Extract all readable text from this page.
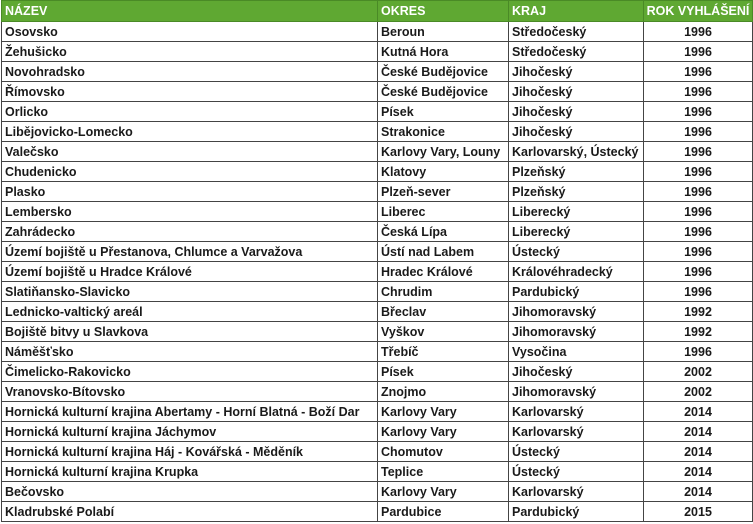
NÁZEV	OKRES	KRAJ	ROK VYHLÁŠENÍ
Osovsko	Beroun	Středočeský	1996
Žehušicko	Kutná Hora	Středočeský	1996
Novohradsko	České Budějovice	Jihočeský	1996
Římovsko	České Budějovice	Jihočeský	1996
Orlicko	Písek	Jihočeský	1996
Libějovicko-Lomecko	Strakonice	Jihočeský	1996
Valečsko	Karlovy Vary, Louny	Karlovarský, Ústecký	1996
Chudenicko	Klatovy	Plzeňský	1996
Plasko	Plzeň-sever	Plzeňský	1996
Lembersko	Liberec	Liberecký	1996
Zahrádecko	Česká Lípa	Liberecký	1996
Území bojiště u Přestanova, Chlumce a Varvažova	Ústí nad Labem	Ústecký	1996
Území bojiště u Hradce Králové	Hradec Králové	Královéhradecký	1996
Slatiňansko-Slavicko	Chrudim	Pardubický	1996
Lednicko-valtický areál	Břeclav	Jihomoravský	1992
Bojiště bitvy u Slavkova	Vyškov	Jihomoravský	1992
Náměšťsko	Třebíč	Vysočina	1996
Čimelicko-Rakovicko	Písek	Jihočeský	2002
Vranovsko-Bítovsko	Znojmo	Jihomoravský	2002
Hornická kulturní krajina Abertamy - Horní Blatná - Boží Dar	Karlovy Vary	Karlovarský	2014
Hornická kulturní krajina Jáchymov	Karlovy Vary	Karlovarský	2014
Hornická kulturní krajina Háj - Kovářská - Měděník	Chomutov	Ústecký	2014
Hornická kulturní krajina Krupka	Teplice	Ústecký	2014
Bečovsko	Karlovy Vary	Karlovarský	2014
Kladrubské Polabí	Pardubice	Pardubický	2015
